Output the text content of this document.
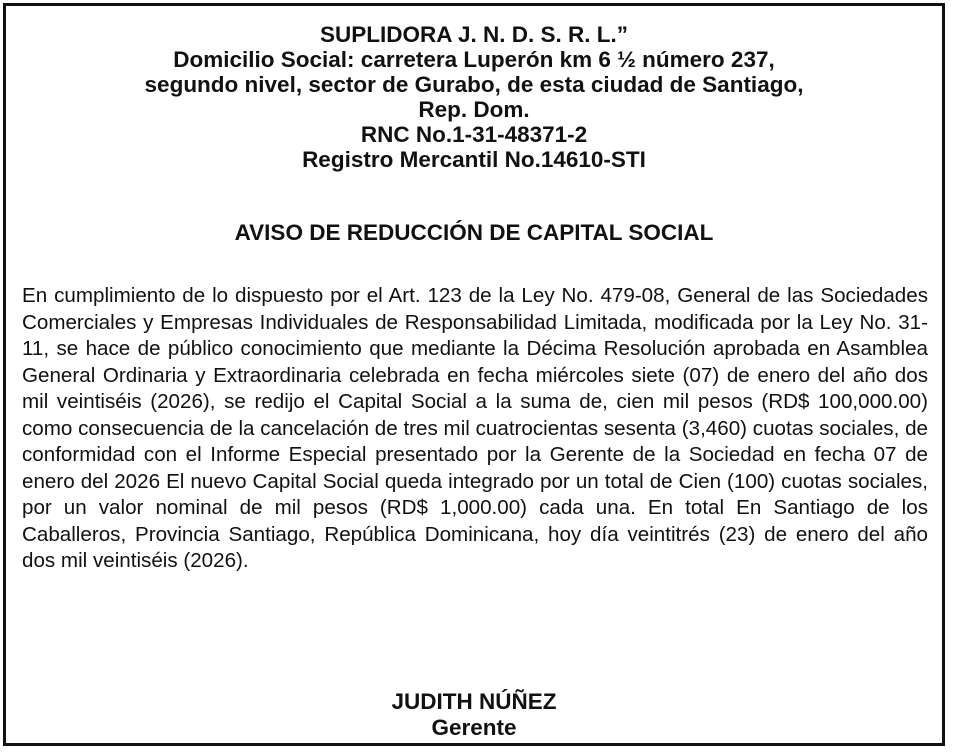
SUPLIDORA J. N. D. S. R. L.”
Domicilio Social: carretera Luperón km 6 ½ número 237,
segundo nivel, sector de Gurabo, de esta ciudad de Santiago,
Rep. Dom.
RNC No.1-31-48371-2
Registro Mercantil No.14610-STI
AVISO DE REDUCCIÓN DE CAPITAL SOCIAL
En cumplimiento de lo dispuesto por el Art. 123 de la Ley No. 479-08, General de las Sociedades Comerciales y Empresas Individuales de Responsabilidad Limitada, modificada por la Ley No. 31-11, se hace de público conocimiento que mediante la Décima Resolución aprobada en Asamblea General Ordinaria y Extraordinaria celebrada en fecha miércoles siete (07) de enero del año dos mil veintiséis (2026), se redijo el Capital Social a la suma de, cien mil pesos (RD$ 100,000.00) como consecuencia de la cancelación de tres mil cuatrocientas sesenta (3,460) cuotas sociales, de conformidad con el Informe Especial presentado por la Gerente de la Sociedad en fecha 07 de enero del 2026 El nuevo Capital Social queda integrado por un total de Cien (100) cuotas sociales, por un valor nominal de mil pesos (RD$ 1,000.00) cada una. En total En Santiago de los Caballeros, Provincia Santiago, República Dominicana, hoy día veintitrés (23) de enero del año dos mil veintiséis (2026).
JUDITH NÚÑEZ
Gerente
